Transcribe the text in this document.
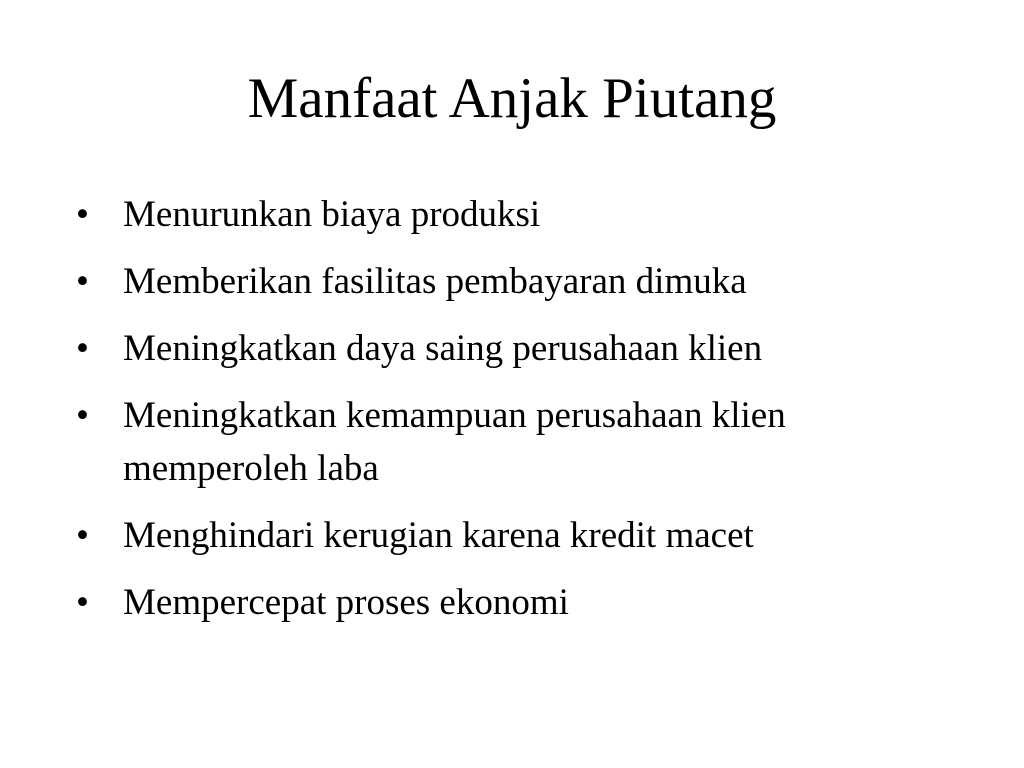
Manfaat Anjak Piutang
• Menurunkan biaya produksi
• Memberikan fasilitas pembayaran dimuka
• Meningkatkan daya saing perusahaan klien
• Meningkatkan kemampuan perusahaan klien memperoleh laba
• Menghindari kerugian karena kredit macet
• Mempercepat proses ekonomi
